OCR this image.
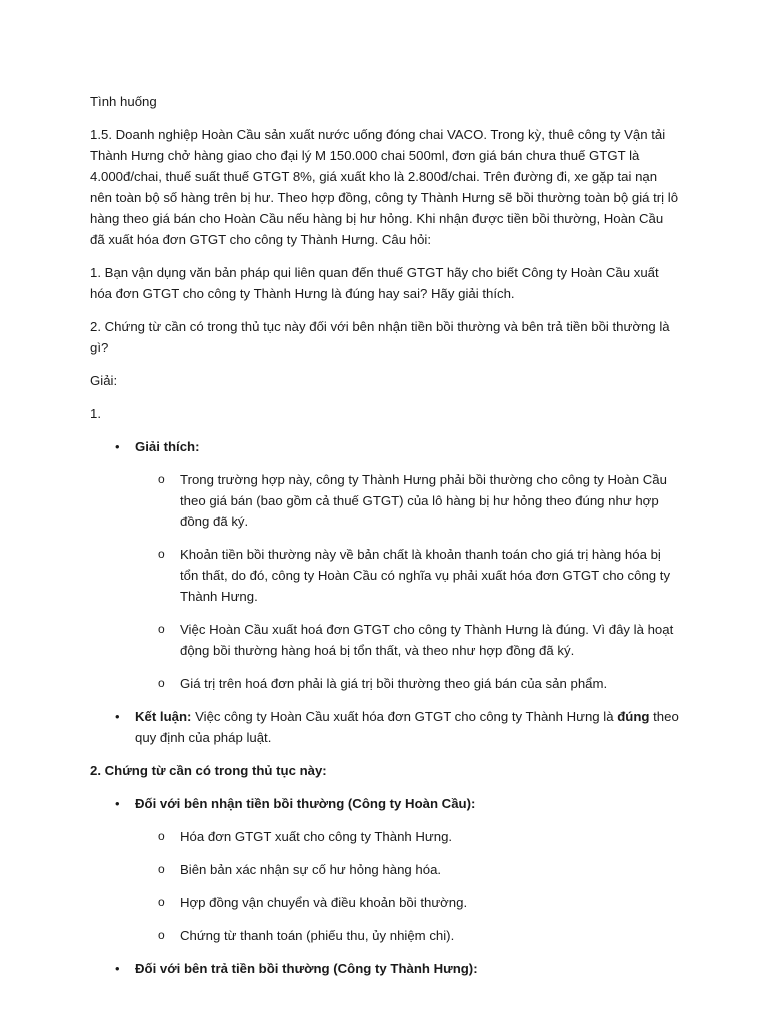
Tình huống

1.5. Doanh nghiệp Hoàn Cầu sản xuất nước uống đóng chai VACO. Trong kỳ, thuê công ty Vận tải Thành Hưng chở hàng giao cho đại lý M 150.000 chai 500ml, đơn giá bán chưa thuế GTGT là 4.000đ/chai, thuế suất thuế GTGT 8%, giá xuất kho là 2.800đ/chai. Trên đường đi, xe gặp tai nạn nên toàn bộ số hàng trên bị hư. Theo hợp đồng, công ty Thành Hưng sẽ bồi thường toàn bộ giá trị lô hàng theo giá bán cho Hoàn Cầu nếu hàng bị hư hỏng. Khi nhận được tiền bồi thường, Hoàn Cầu đã xuất hóa đơn GTGT cho công ty Thành Hưng. Câu hỏi:

1. Bạn vận dụng văn bản pháp qui liên quan đến thuế GTGT hãy cho biết Công ty Hoàn Cầu xuất hóa đơn GTGT cho công ty Thành Hưng là đúng hay sai? Hãy giải thích.

2. Chứng từ cần có trong thủ tục này đối với bên nhận tiền bồi thường và bên trả tiền bồi thường là gì?

Giải:

1.

• Giải thích:
o Trong trường hợp này, công ty Thành Hưng phải bồi thường cho công ty Hoàn Cầu theo giá bán (bao gồm cả thuế GTGT) của lô hàng bị hư hỏng theo đúng như hợp đồng đã ký.
o Khoản tiền bồi thường này về bản chất là khoản thanh toán cho giá trị hàng hóa bị tổn thất, do đó, công ty Hoàn Cầu có nghĩa vụ phải xuất hóa đơn GTGT cho công ty Thành Hưng.
o Việc Hoàn Cầu xuất hoá đơn GTGT cho công ty Thành Hưng là đúng. Vì đây là hoạt động bồi thường hàng hoá bị tổn thất, và theo như hợp đồng đã ký.
o Giá trị trên hoá đơn phải là giá trị bồi thường theo giá bán của sản phẩm.
• Kết luận: Việc công ty Hoàn Cầu xuất hóa đơn GTGT cho công ty Thành Hưng là đúng theo quy định của pháp luật.

2. Chứng từ cần có trong thủ tục này:

• Đối với bên nhận tiền bồi thường (Công ty Hoàn Cầu):
o Hóa đơn GTGT xuất cho công ty Thành Hưng.
o Biên bản xác nhận sự cố hư hỏng hàng hóa.
o Hợp đồng vận chuyển và điều khoản bồi thường.
o Chứng từ thanh toán (phiếu thu, ủy nhiệm chi).
• Đối với bên trả tiền bồi thường (Công ty Thành Hưng):
